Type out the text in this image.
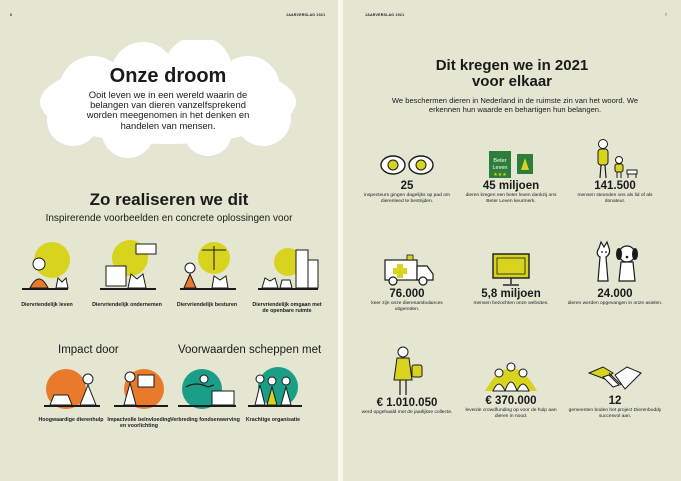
6	JAARVERSLAG 2021
Onze droom
Ooit leven we in een wereld waarin de belangen van dieren vanzelfsprekend worden meegenomen in het denken en handelen van mensen.
Zo realiseren we dit
Inspirerende voorbeelden en concrete oplossingen voor
Diervriendelijk leven	Diervriendelijk ondernemen	Diervriendelijk besturen	Diervriendelijk omgaan met de openbare ruimte
Impact door	Voorwaarden scheppen met
Hoogwaardige dierenhulp Impactvolle beïnvloeding en voorlichting
Verbreding fondsenwerving	Krachtige organisatie
JAARVERSLAG 2021	7
Dit kregen we in 2021 voor elkaar
We beschermen dieren in Nederland in de ruimste zin van het woord. We erkennen hun waarde en behartigen hun belangen.
25
inspecteurs gingen dagelijks op pad om dierenleed te bestrijden.
Beter
Leven
★★★
45 miljoen
dieren kregen een beter leven dankzij ons Beter Leven keurmerk.
141.500
mensen steunden ons als lid of als donateur.
76.000
keer zijn onze dierenambulances uitgereden.
5,8 miljoen
mensen bezochten onze websites.
24.000
dieren werden opgevangen in onze asielen.
€ 1.010.050
werd opgehaald met de jaarlijkse collecte.
€ 370.000
leverde crowdfunding op voor de hulp aan dieren in nood.
12
gemeenten boden het project Dierenbuddy succesvol aan.
